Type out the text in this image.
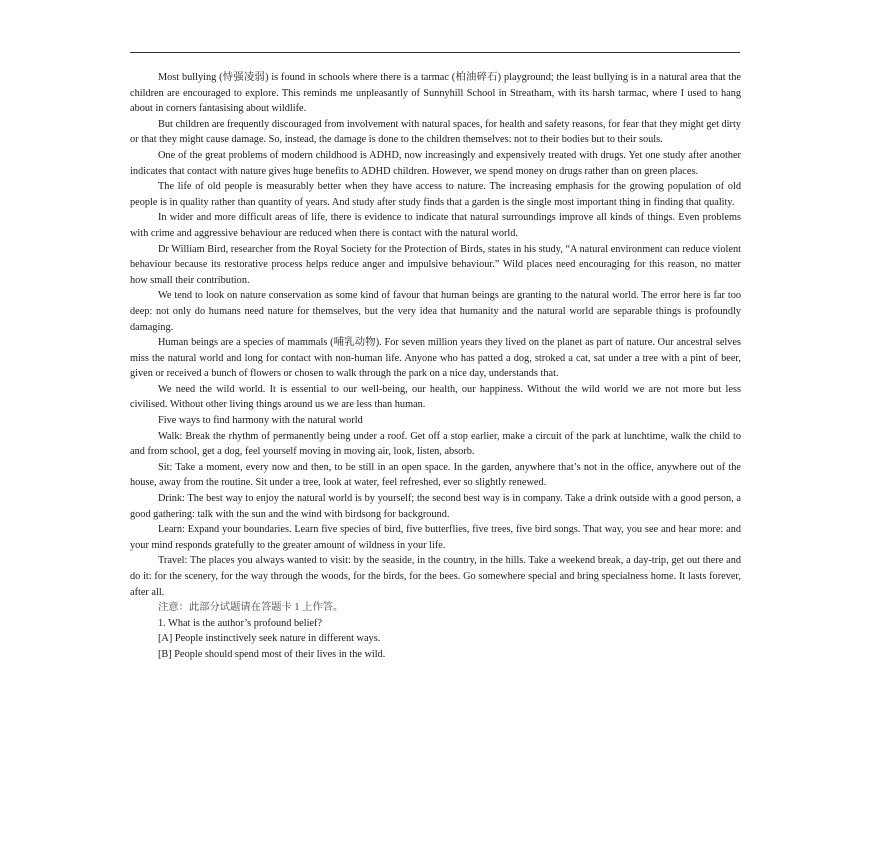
Most bullying (恃强凌弱) is found in schools where there is a tarmac (柏油碎石) playground; the least bullying is in a natural area that the children are encouraged to explore. This reminds me unpleasantly of Sunnyhill School in Streatham, with its harsh tarmac, where I used to hang about in corners fantasising about wildlife.

But children are frequently discouraged from involvement with natural spaces, for health and safety reasons, for fear that they might get dirty or that they might cause damage. So, instead, the damage is done to the children themselves: not to their bodies but to their souls.

One of the great problems of modern childhood is ADHD, now increasingly and expensively treated with drugs. Yet one study after another indicates that contact with nature gives huge benefits to ADHD children. However, we spend money on drugs rather than on green places.

The life of old people is measurably better when they have access to nature. The increasing emphasis for the growing population of old people is in quality rather than quantity of years. And study after study finds that a garden is the single most important thing in finding that quality.

In wider and more difficult areas of life, there is evidence to indicate that natural surroundings improve all kinds of things. Even problems with crime and aggressive behaviour are reduced when there is contact with the natural world.

Dr William Bird, researcher from the Royal Society for the Protection of Birds, states in his study, “A natural environment can reduce violent behaviour because its restorative process helps reduce anger and impulsive behaviour.” Wild places need encouraging for this reason, no matter how small their contribution.

We tend to look on nature conservation as some kind of favour that human beings are granting to the natural world. The error here is far too deep: not only do humans need nature for themselves, but the very idea that humanity and the natural world are separable things is profoundly damaging.

Human beings are a species of mammals (哺乳动物). For seven million years they lived on the planet as part of nature. Our ancestral selves miss the natural world and long for contact with non-human life. Anyone who has patted a dog, stroked a cat, sat under a tree with a pint of beer, given or received a bunch of flowers or chosen to walk through the park on a nice day, understands that.

We need the wild world. It is essential to our well-being, our health, our happiness. Without the wild world we are not more but less civilised. Without other living things around us we are less than human.

Five ways to find harmony with the natural world

Walk: Break the rhythm of permanently being under a roof. Get off a stop earlier, make a circuit of the park at lunchtime, walk the child to and from school, get a dog, feel yourself moving in moving air, look, listen, absorb.

Sit: Take a moment, every now and then, to be still in an open space. In the garden, anywhere that’s not in the office, anywhere out of the house, away from the routine. Sit under a tree, look at water, feel refreshed, ever so slightly renewed.

Drink: The best way to enjoy the natural world is by yourself; the second best way is in company. Take a drink outside with a good person, a good gathering: talk with the sun and the wind with birdsong for background.

Learn: Expand your boundaries. Learn five species of bird, five butterflies, five trees, five bird songs. That way, you see and hear more: and your mind responds gratefully to the greater amount of wildness in your life.

Travel: The places you always wanted to visit: by the seaside, in the country, in the hills. Take a weekend break, a day-trip, get out there and do it: for the scenery, for the way through the woods, for the birds, for the bees. Go somewhere special and bring specialness home. It lasts forever, after all.

注意：此部分试题请在答题卡 1 上作答。

1. What is the author’s profound belief?

[A] People instinctively seek nature in different ways.

[B] People should spend most of their lives in the wild.
